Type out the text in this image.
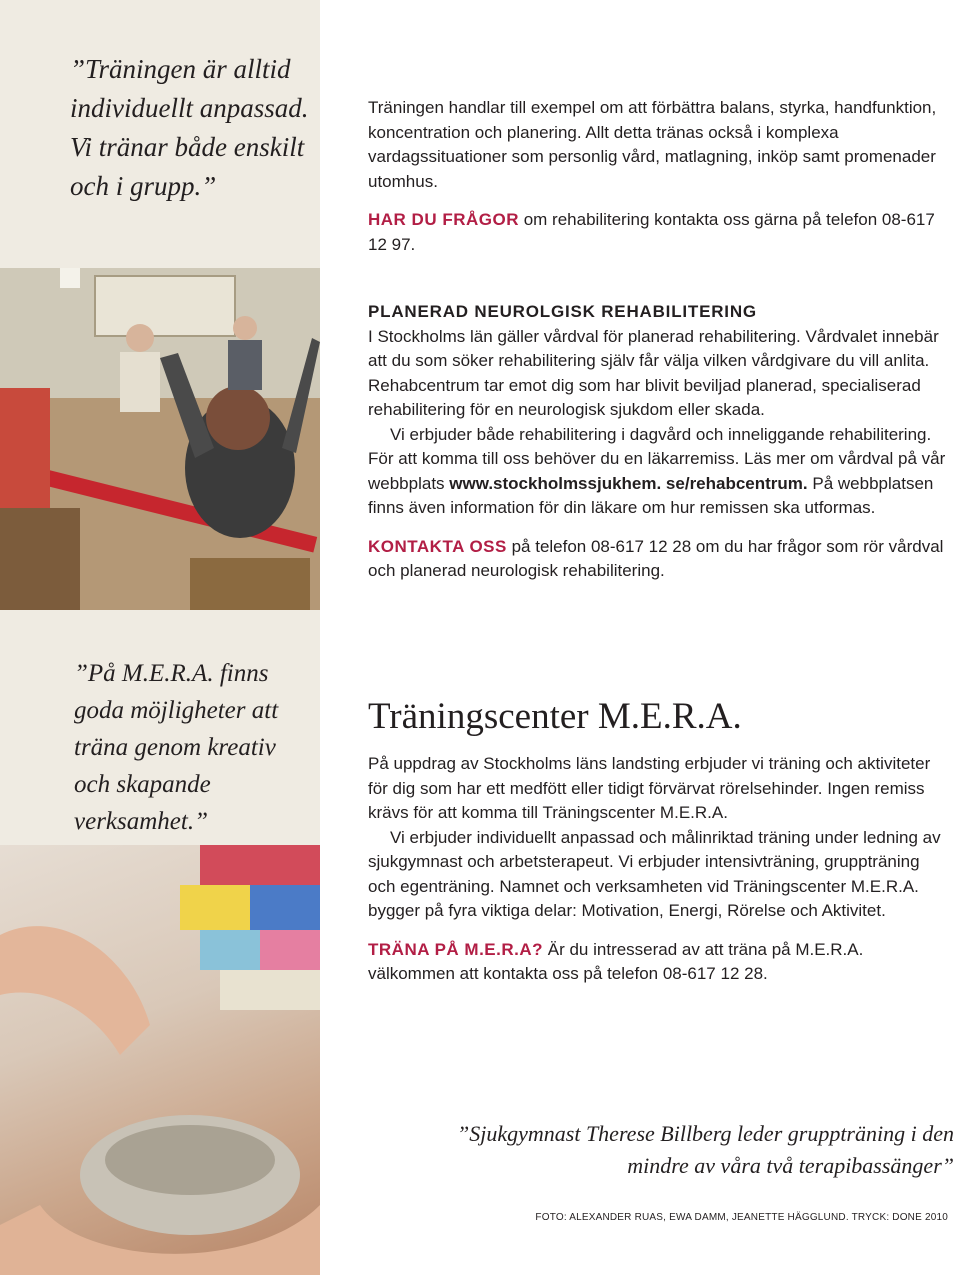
”Träningen är alltid individuellt anpassad. Vi tränar både enskilt och i grupp.”
”På M.E.R.A. finns goda möjligheter att träna genom kreativ och skapande verksamhet.”

Träningen handlar till exempel om att förbättra balans, styrka, handfunktion, koncentration och planering. Allt detta tränas också i komplexa vardagssituationer som personlig vård, matlagning, inköp samt promenader utomhus.

HAR DU FRÅGOR om rehabilitering kontakta oss gärna på telefon 08-617 12 97.

PLANERAD NEUROLGISK REHABILITERING

I Stockholms län gäller vårdval för planerad rehabilitering. Vårdvalet innebär att du som söker rehabilitering själv får välja vilken vårdgivare du vill anlita. Rehabcentrum tar emot dig som har blivit beviljad planerad, specialiserad rehabilitering för en neurologisk sjukdom eller skada.

Vi erbjuder både rehabilitering i dagvård och inneliggande rehabilitering. För att komma till oss behöver du en läkarremiss. Läs mer om vårdval på vår webbplats www.stockholmssjukhem. se/rehabcentrum. På webbplatsen finns även information för din läkare om hur remissen ska utformas.

KONTAKTA OSS på telefon 08-617 12 28 om du har frågor som rör vårdval och planerad neurologisk rehabilitering.

Träningscenter M.E.R.A.

På uppdrag av Stockholms läns landsting erbjuder vi träning och aktiviteter för dig som har ett medfött eller tidigt förvärvat rörelsehinder. Ingen remiss krävs för att komma till Träningscenter M.E.R.A.

Vi erbjuder individuellt anpassad och målinriktad träning under ledning av sjukgymnast och arbetsterapeut. Vi erbjuder intensivträning, gruppträning och egenträning. Namnet och verksamheten vid Träningscenter M.E.R.A. bygger på fyra viktiga delar: Motivation, Energi, Rörelse och Aktivitet.

TRÄNA PÅ M.E.R.A? Är du intresserad av att träna på M.E.R.A. välkommen att kontakta oss på telefon 08-617 12 28.

”Sjukgymnast Therese Billberg leder gruppträning i den mindre av våra två terapibassänger”
FOTO: ALEXANDER RUAS, EWA DAMM, JEANETTE HÄGGLUND. TRYCK: DONE 2010
